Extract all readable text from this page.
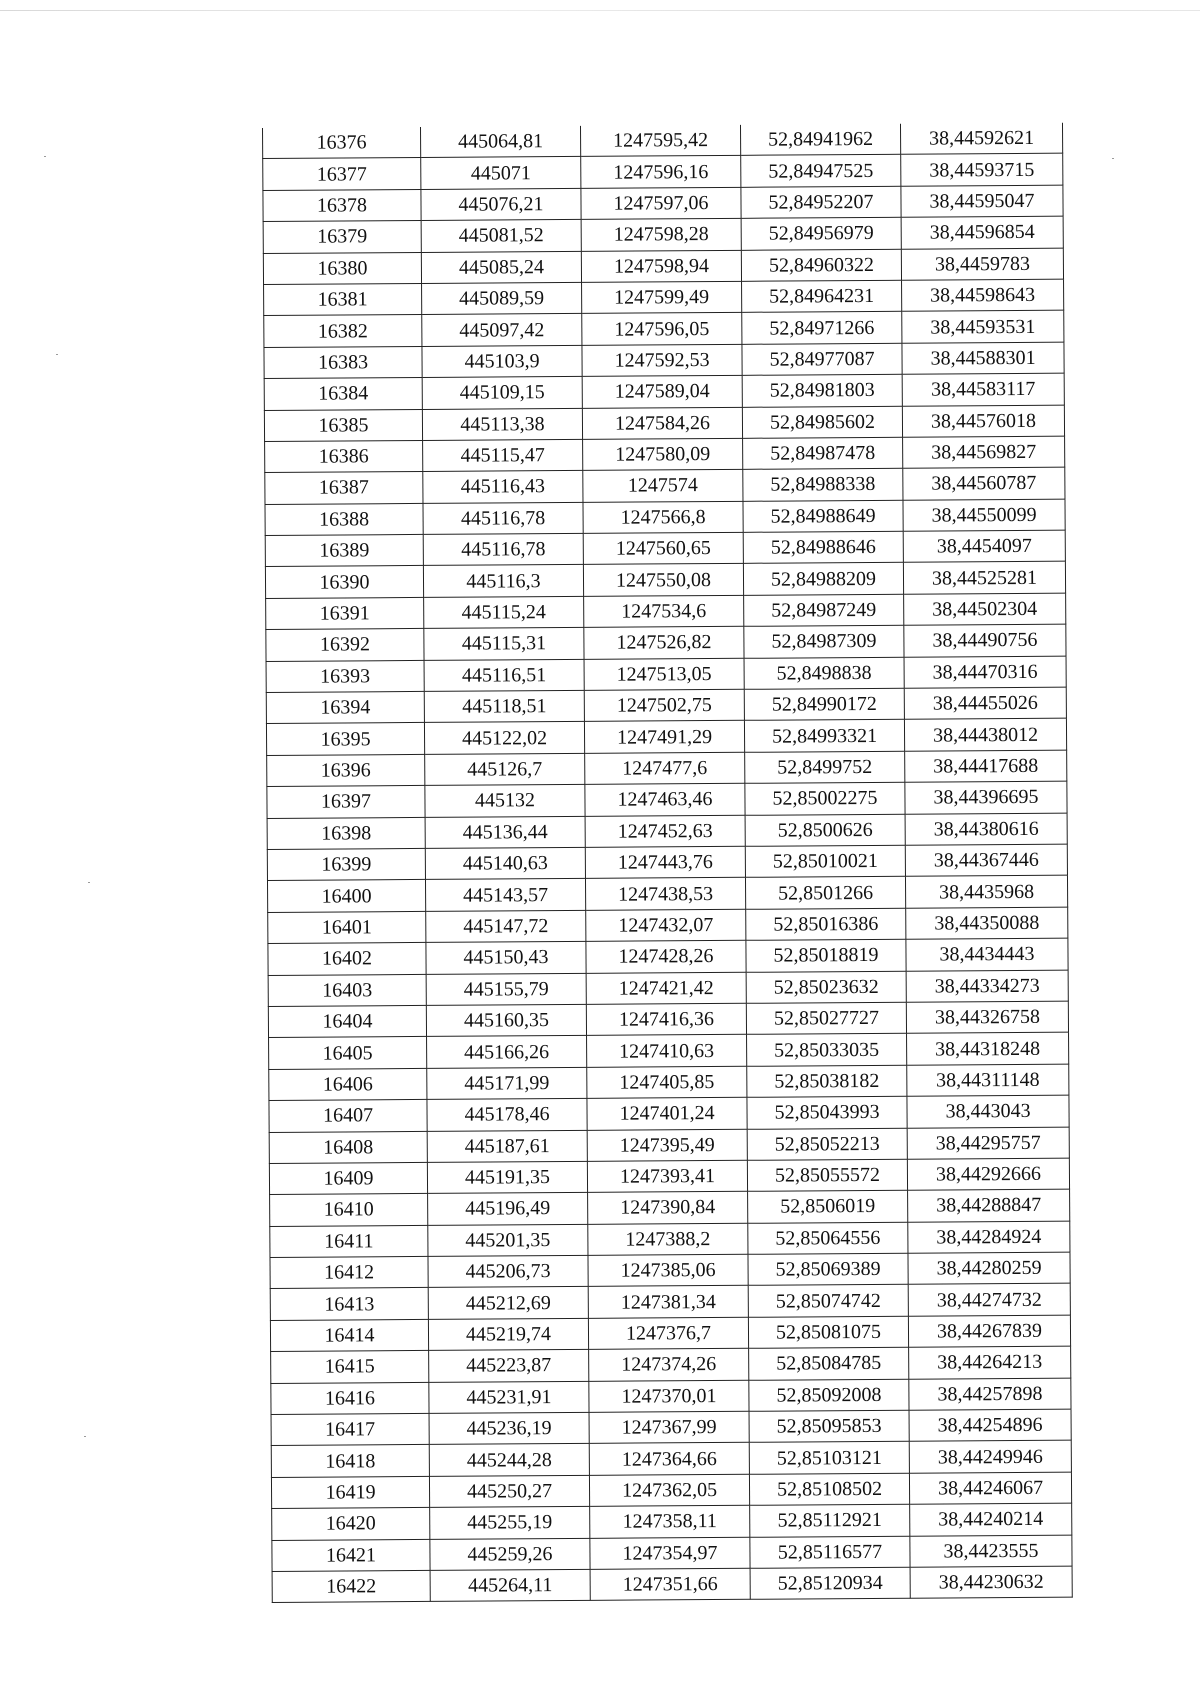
16376	445064,81	1247595,42	52,84941962	38,44592621
16377	445071	1247596,16	52,84947525	38,44593715
16378	445076,21	1247597,06	52,84952207	38,44595047
16379	445081,52	1247598,28	52,84956979	38,44596854
16380	445085,24	1247598,94	52,84960322	38,4459783
16381	445089,59	1247599,49	52,84964231	38,44598643
16382	445097,42	1247596,05	52,84971266	38,44593531
16383	445103,9	1247592,53	52,84977087	38,44588301
16384	445109,15	1247589,04	52,84981803	38,44583117
16385	445113,38	1247584,26	52,84985602	38,44576018
16386	445115,47	1247580,09	52,84987478	38,44569827
16387	445116,43	1247574	52,84988338	38,44560787
16388	445116,78	1247566,8	52,84988649	38,44550099
16389	445116,78	1247560,65	52,84988646	38,4454097
16390	445116,3	1247550,08	52,84988209	38,44525281
16391	445115,24	1247534,6	52,84987249	38,44502304
16392	445115,31	1247526,82	52,84987309	38,44490756
16393	445116,51	1247513,05	52,8498838	38,44470316
16394	445118,51	1247502,75	52,84990172	38,44455026
16395	445122,02	1247491,29	52,84993321	38,44438012
16396	445126,7	1247477,6	52,8499752	38,44417688
16397	445132	1247463,46	52,85002275	38,44396695
16398	445136,44	1247452,63	52,8500626	38,44380616
16399	445140,63	1247443,76	52,85010021	38,44367446
16400	445143,57	1247438,53	52,8501266	38,4435968
16401	445147,72	1247432,07	52,85016386	38,44350088
16402	445150,43	1247428,26	52,85018819	38,4434443
16403	445155,79	1247421,42	52,85023632	38,44334273
16404	445160,35	1247416,36	52,85027727	38,44326758
16405	445166,26	1247410,63	52,85033035	38,44318248
16406	445171,99	1247405,85	52,85038182	38,44311148
16407	445178,46	1247401,24	52,85043993	38,443043
16408	445187,61	1247395,49	52,85052213	38,44295757
16409	445191,35	1247393,41	52,85055572	38,44292666
16410	445196,49	1247390,84	52,8506019	38,44288847
16411	445201,35	1247388,2	52,85064556	38,44284924
16412	445206,73	1247385,06	52,85069389	38,44280259
16413	445212,69	1247381,34	52,85074742	38,44274732
16414	445219,74	1247376,7	52,85081075	38,44267839
16415	445223,87	1247374,26	52,85084785	38,44264213
16416	445231,91	1247370,01	52,85092008	38,44257898
16417	445236,19	1247367,99	52,85095853	38,44254896
16418	445244,28	1247364,66	52,85103121	38,44249946
16419	445250,27	1247362,05	52,85108502	38,44246067
16420	445255,19	1247358,11	52,85112921	38,44240214
16421	445259,26	1247354,97	52,85116577	38,4423555
16422	445264,11	1247351,66	52,85120934	38,44230632
